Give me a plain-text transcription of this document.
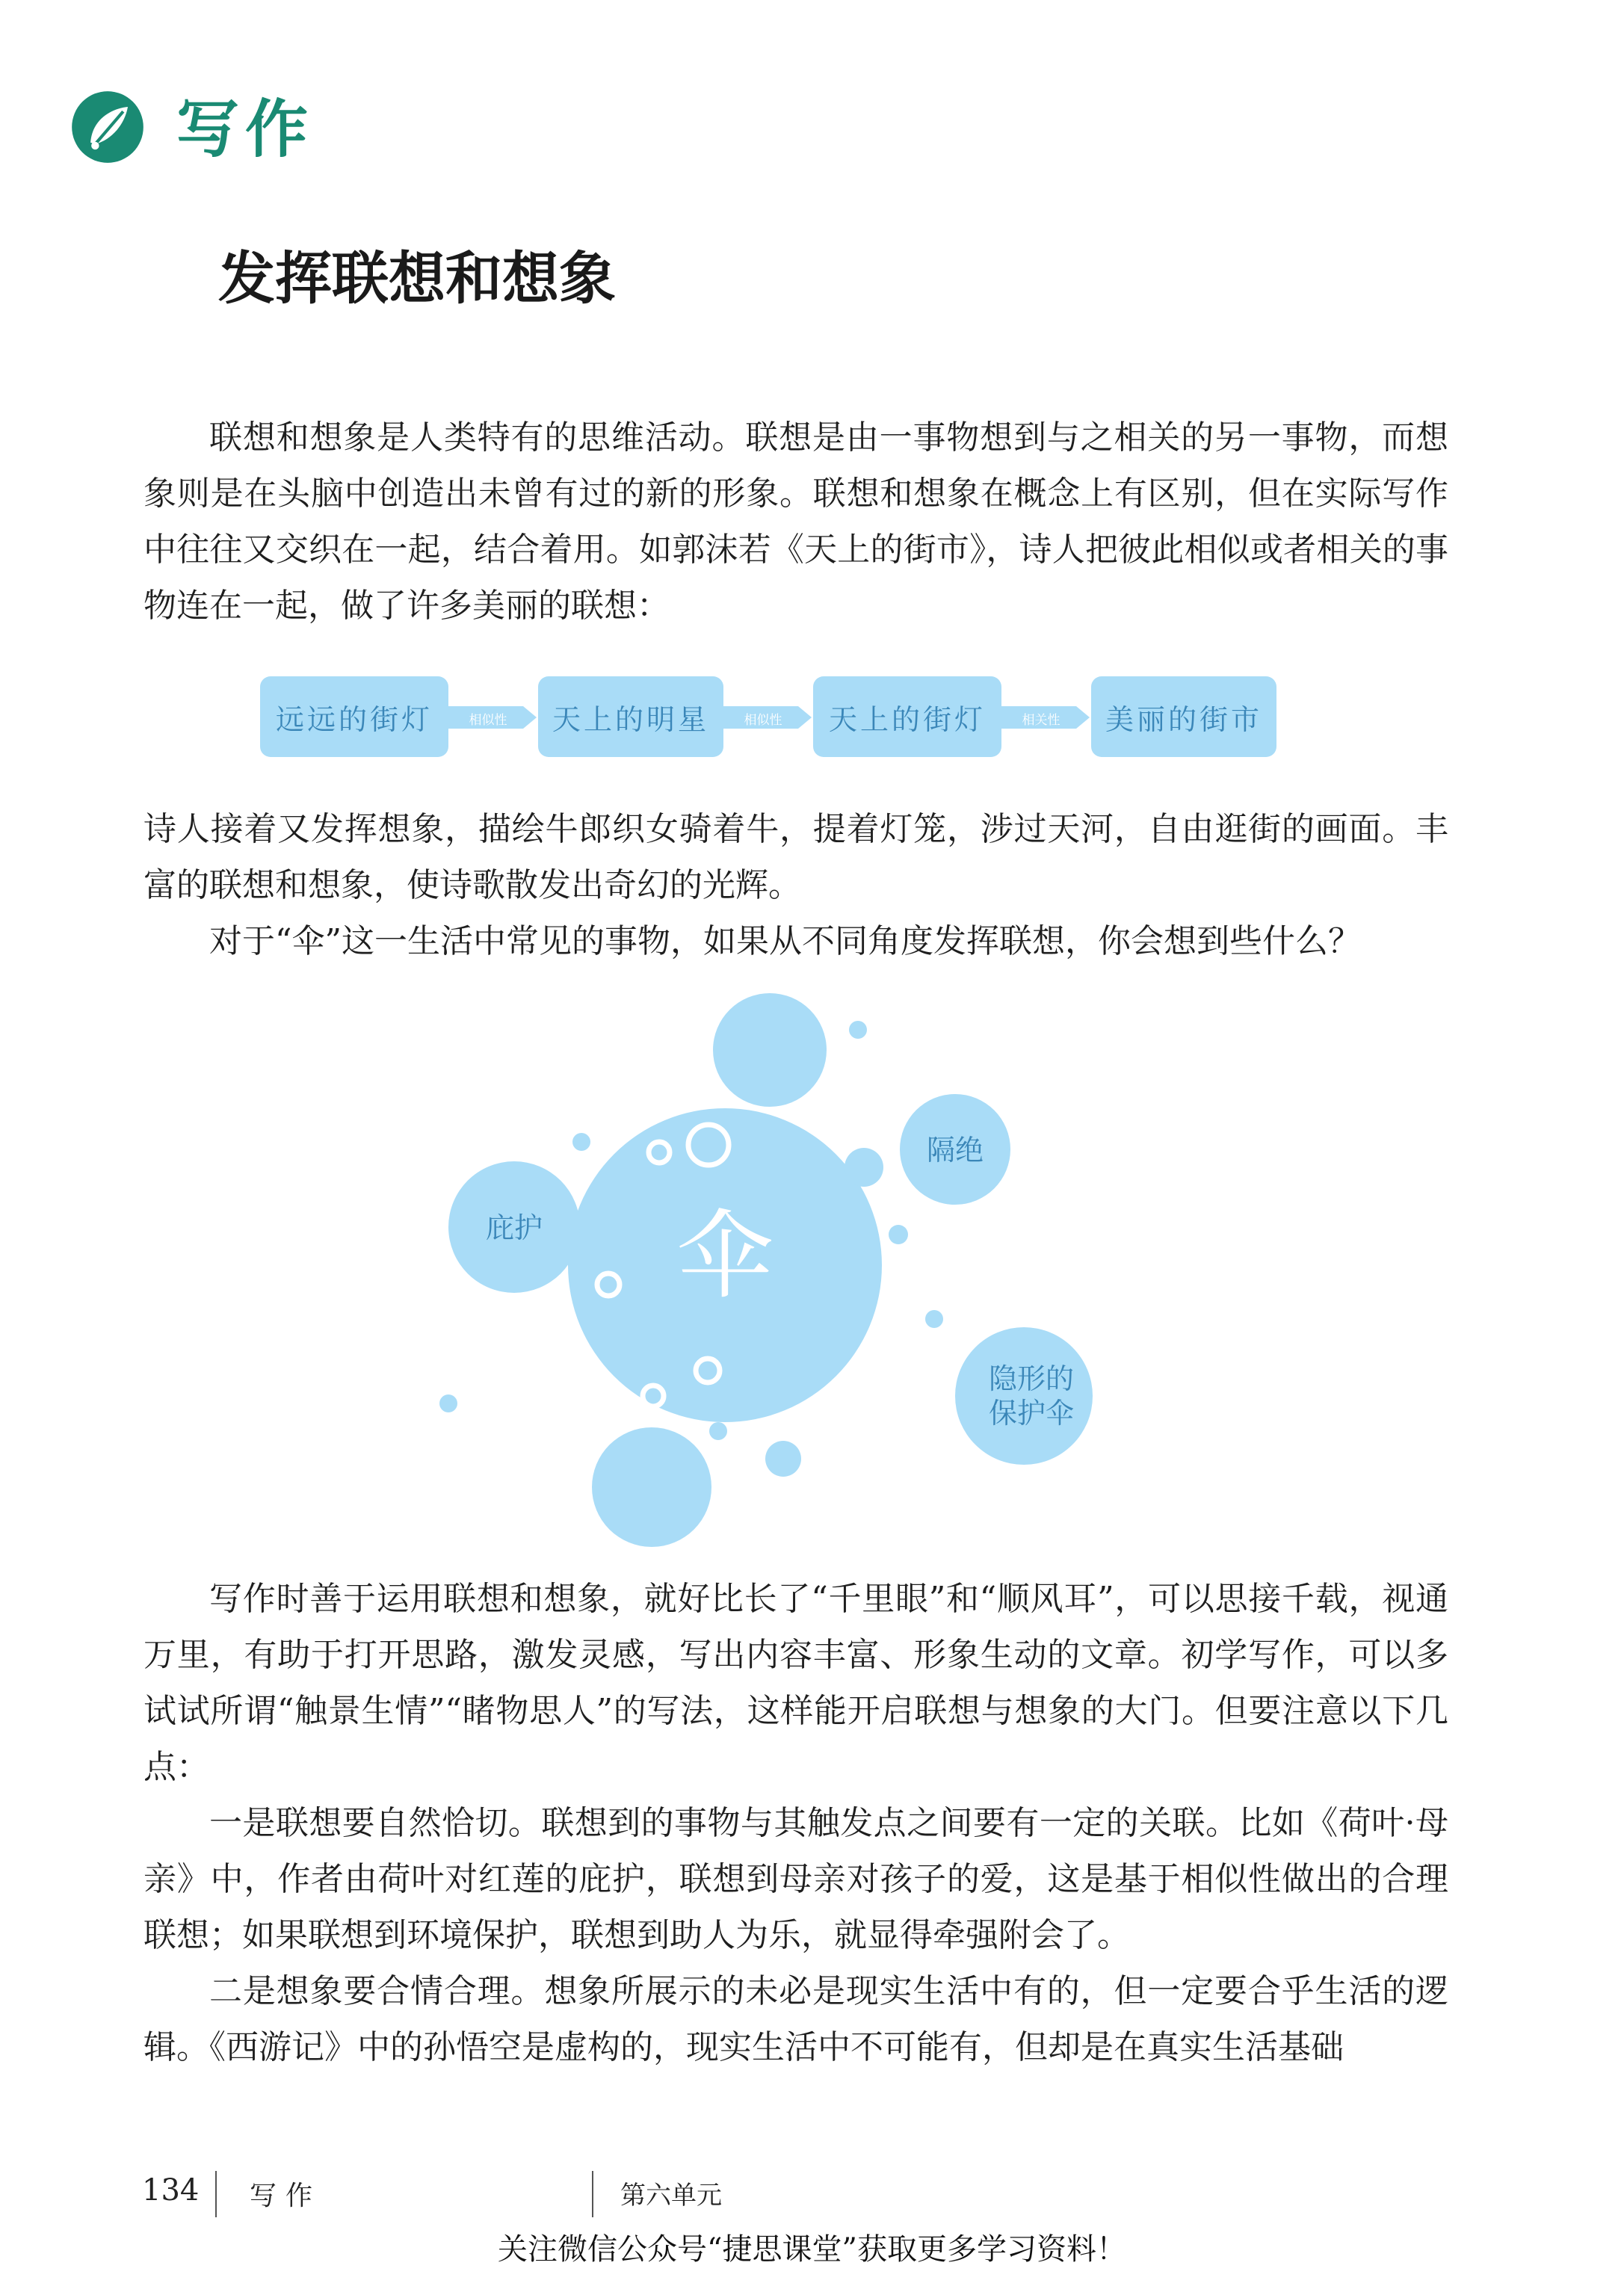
写作
发挥联想和想象

联想和想象是人类特有的思维活动。联想是由一事物想到与之相关的另一事物，而想象则是在头脑中创造出未曾有过的新的形象。联想和想象在概念上有区别，但在实际写作中往往又交织在一起，结合着用。如郭沫若《天上的街市》，诗人把彼此相似或者相关的事物连在一起，做了许多美丽的联想：

远远的街灯	相似性	天上的明星	相似性	天上的街灯	相关性	美丽的街市

诗人接着又发挥想象，描绘牛郎织女骑着牛，提着灯笼，涉过天河，自由逛街的画面。丰富的联想和想象，使诗歌散发出奇幻的光辉。

对于“伞”这一生活中常见的事物，如果从不同角度发挥联想，你会想到些什么？

伞
庇护
隔绝
隐形的
保护伞

写作时善于运用联想和想象，就好比长了“千里眼”和“顺风耳”，可以思接千载，视通万里，有助于打开思路，激发灵感，写出内容丰富、形象生动的文章。初学写作，可以多试试所谓“触景生情”“睹物思人”的写法，这样能开启联想与想象的大门。但要注意以下几点：

一是联想要自然恰切。联想到的事物与其触发点之间要有一定的关联。比如《荷叶·母亲》中，作者由荷叶对红莲的庇护，联想到母亲对孩子的爱，这是基于相似性做出的合理联想；如果联想到环境保护，联想到助人为乐，就显得牵强附会了。

二是想象要合情合理。想象所展示的未必是现实生活中有的，但一定要合乎生活的逻辑。《西游记》中的孙悟空是虚构的，现实生活中不可能有，但却是在真实生活基础

134 写作	第六单元
关注微信公众号“捷思课堂”获取更多学习资料！
